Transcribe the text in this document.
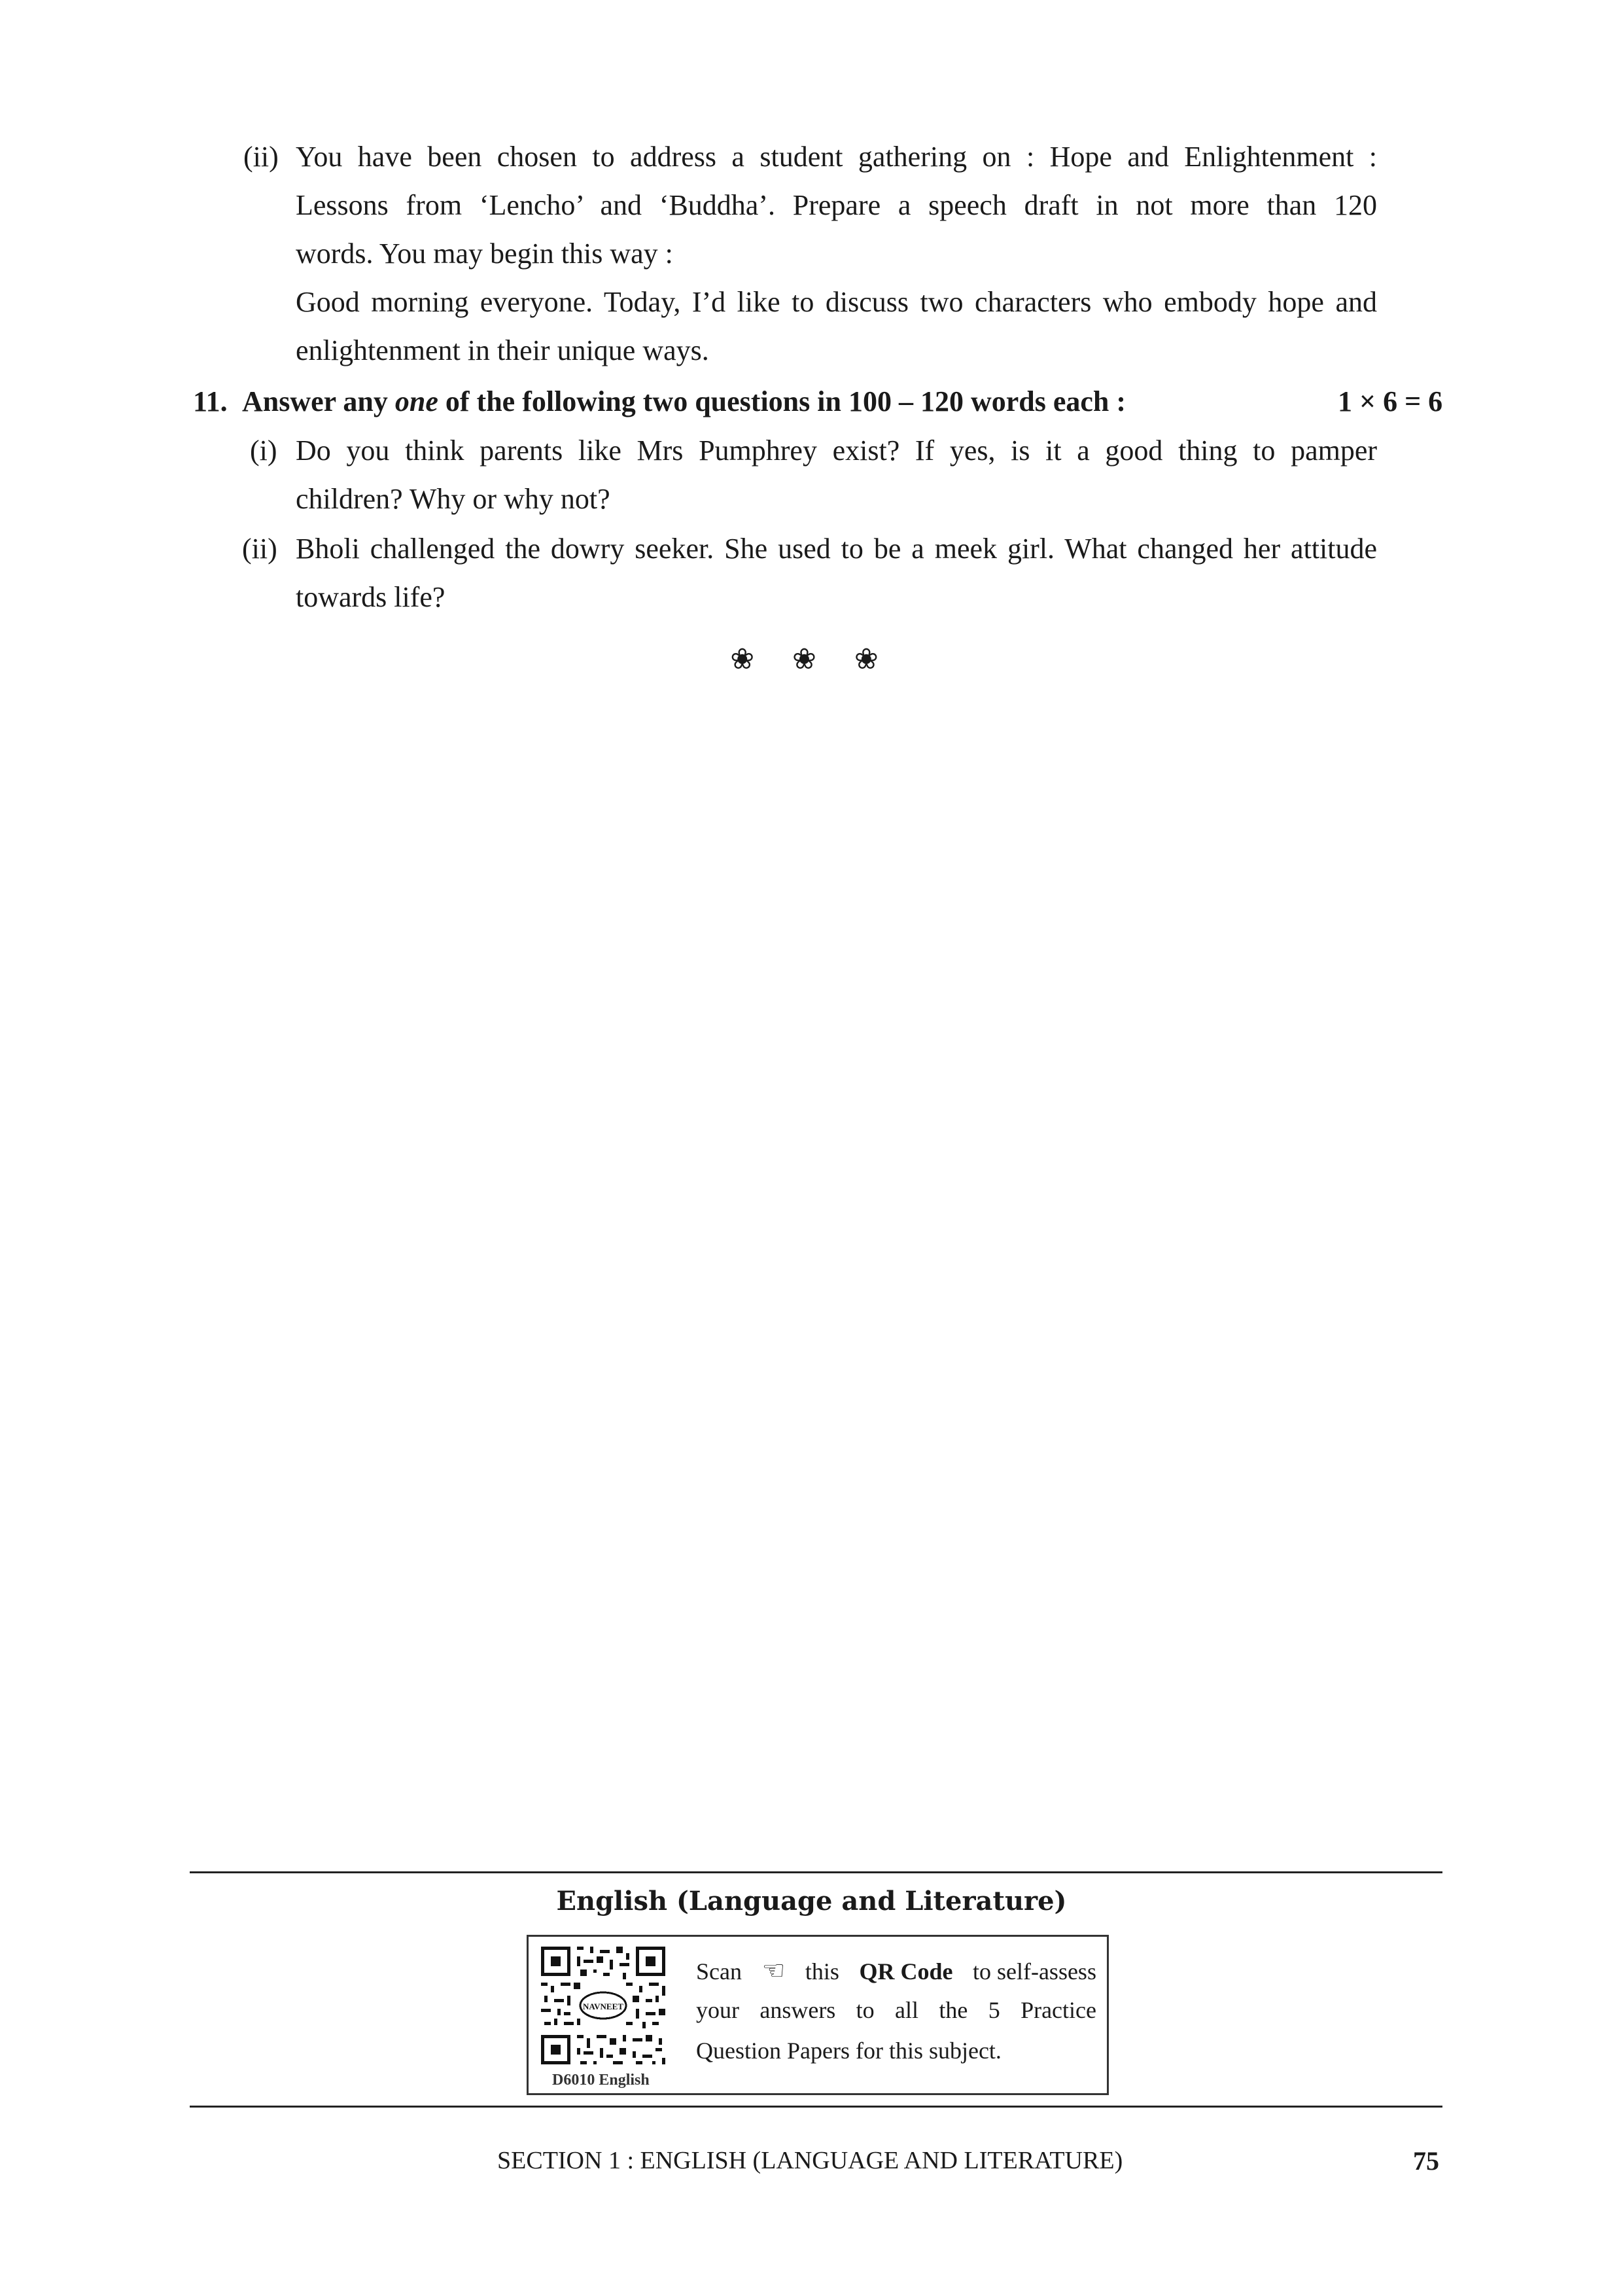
(ii) You have been chosen to address a student gathering on : Hope and Enlightenment :
Lessons from ‘Lencho’ and ‘Buddha’. Prepare a speech draft in not more than 120
words. You may begin this way :
Good morning everyone. Today, I’d like to discuss two characters who embody hope and
enlightenment in their unique ways.
11. Answer any one of the following two questions in 100 – 120 words each :	1 × 6 = 6
(i) Do you think parents like Mrs Pumphrey exist? If yes, is it a good thing to pamper
children? Why or why not?
(ii) Bholi challenged the dowry seeker. She used to be a meek girl. What changed her attitude
towards life?
❀ ❀ ❀
English (Language and Literature)
NAVNEET
D6010 English
Scan ☜ this QR Code to self-assess
your answers to all the 5 Practice
Question Papers for this subject.
SECTION 1 : ENGLISH (LANGUAGE AND LITERATURE)	75
